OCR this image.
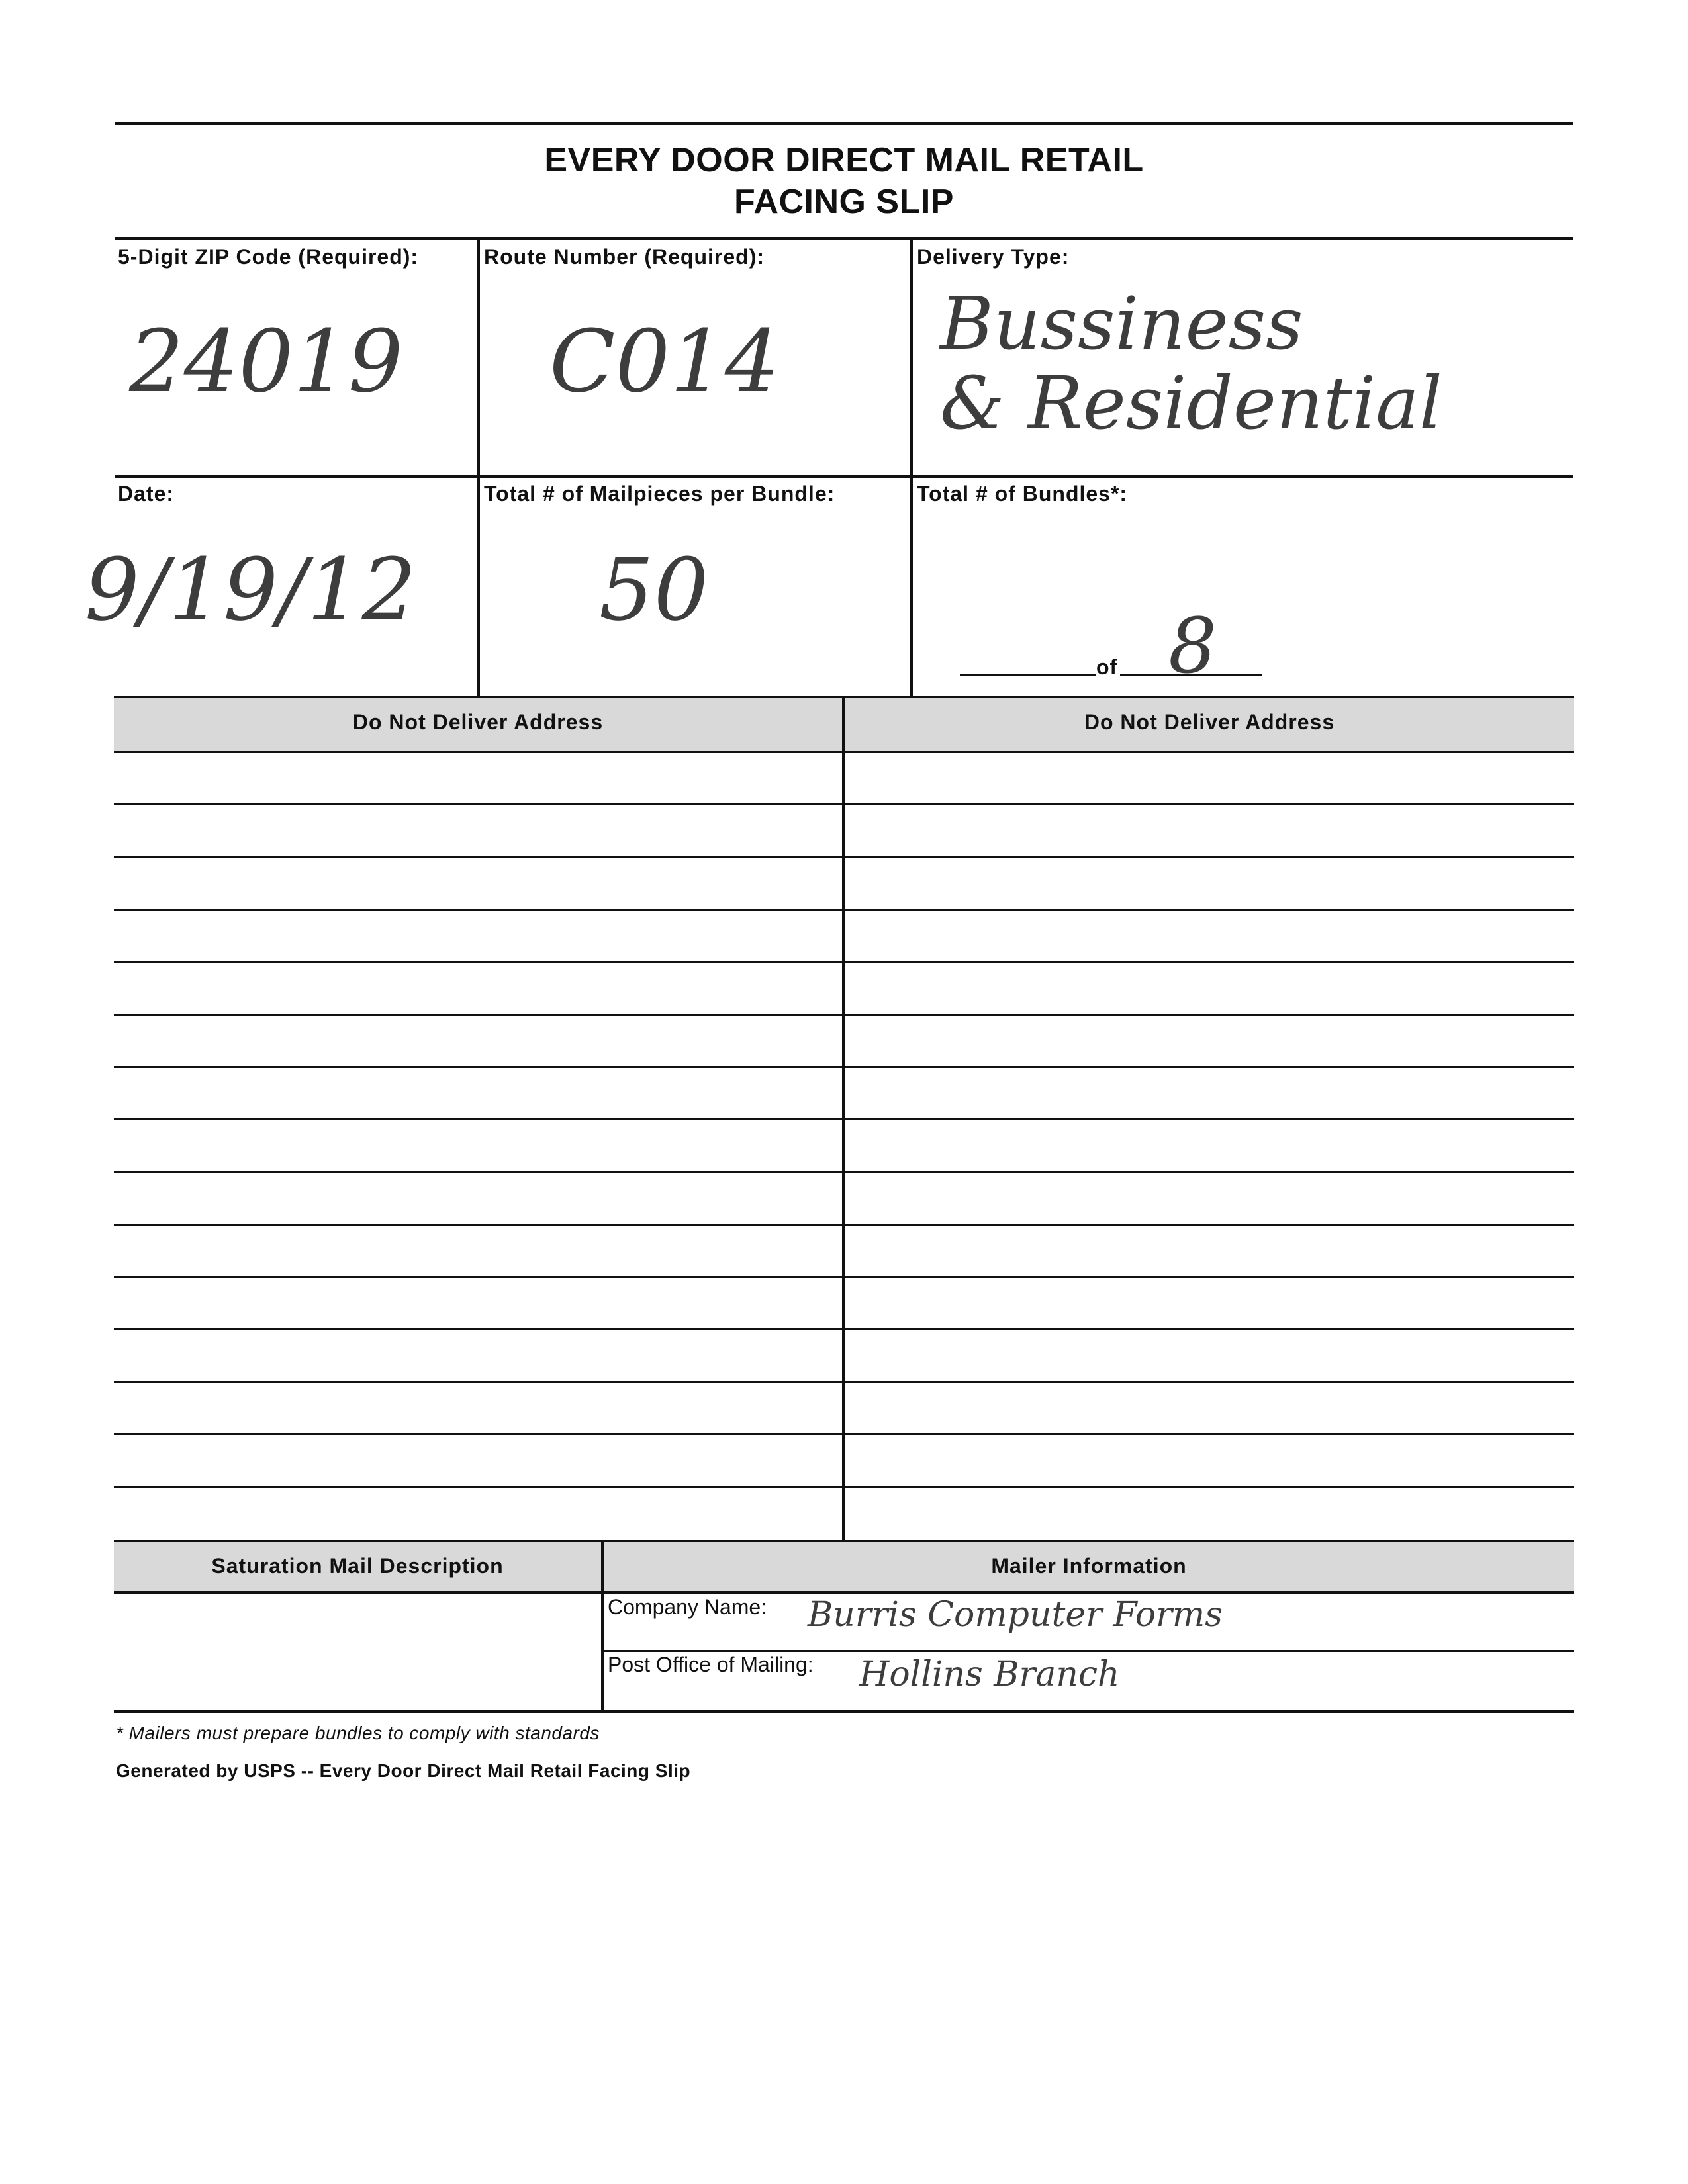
EVERY DOOR DIRECT MAIL RETAIL
FACING SLIP
5-Digit ZIP Code (Required):
24019
Route Number (Required):
C014
Delivery Type:
Bussiness
& Residential
Date:
9/19/12
Total # of Mailpieces per Bundle:
50
Total # of Bundles*:
of 8
Do Not Deliver Address	Do Not Deliver Address
Saturation Mail Description	Mailer Information
Company Name: Burris Computer Forms
Post Office of Mailing: Hollins Branch
* Mailers must prepare bundles to comply with standards
Generated by USPS -- Every Door Direct Mail Retail Facing Slip
